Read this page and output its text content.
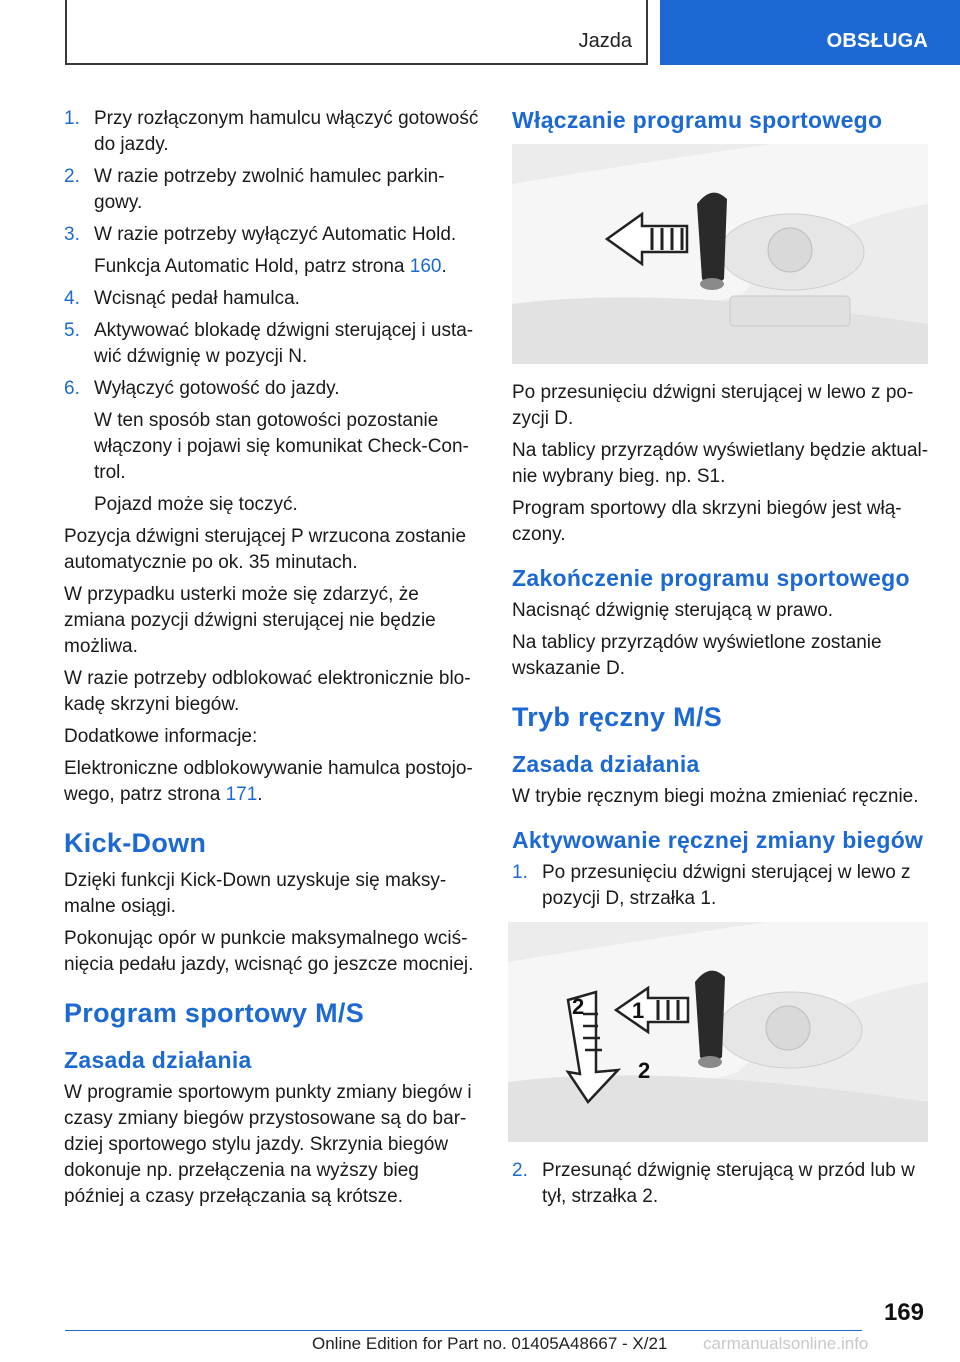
Jazda	OBSŁUGA
1. Przy rozłączonym hamulcu włączyć gotowość do jazdy.
2. W razie potrzeby zwolnić hamulec parkin‐gowy.
3. W razie potrzeby wyłączyć Automatic Hold.
Funkcja Automatic Hold, patrz strona 160.
4. Wcisnąć pedał hamulca.
5. Aktywować blokadę dźwigni sterującej i usta‐wić dźwignię w pozycji N.
6. Wyłączyć gotowość do jazdy.
W ten sposób stan gotowości pozostanie włączony i pojawi się komunikat Check-Con‐trol.
Pojazd może się toczyć.

Pozycja dźwigni sterującej P wrzucona zostanie automatycznie po ok. 35 minutach.

W przypadku usterki może się zdarzyć, że zmiana pozycji dźwigni sterującej nie będzie możliwa.

W razie potrzeby odblokować elektronicznie blo‐kadę skrzyni biegów.

Dodatkowe informacje:

Elektroniczne odblokowywanie hamulca postojo‐wego, patrz strona 171.

Kick-Down

Dzięki funkcji Kick-Down uzyskuje się maksy‐malne osiągi.

Pokonując opór w punkcie maksymalnego wciś‐nięcia pedału jazdy, wcisnąć go jeszcze mocniej.

Program sportowy M/S
Zasada działania

W programie sportowym punkty zmiany biegów i czasy zmiany biegów przystosowane są do bar‐dziej sportowego stylu jazdy. Skrzynia biegów dokonuje np. przełączenia na wyższy bieg później a czasy przełączania są krótsze.

Włączanie programu sportowego

Po przesunięciu dźwigni sterującej w lewo z po‐zycji D.

Na tablicy przyrządów wyświetlany będzie aktual‐nie wybrany bieg. np. S1.

Program sportowy dla skrzyni biegów jest włą‐czony.

Zakończenie programu sportowego

Nacisnąć dźwignię sterującą w prawo.

Na tablicy przyrządów wyświetlone zostanie wskazanie D.

Tryb ręczny M/S
Zasada działania

W trybie ręcznym biegi można zmieniać ręcznie.

Aktywowanie ręcznej zmiany biegów
1. Po przesunięciu dźwigni sterującej w lewo z pozycji D, strzałka 1.
1
2
2
2. Przesunąć dźwignię sterującą w przód lub w tył, strzałka 2.
169
Online Edition for Part no. 01405A48667 - X/21 carmanualsonline.info
